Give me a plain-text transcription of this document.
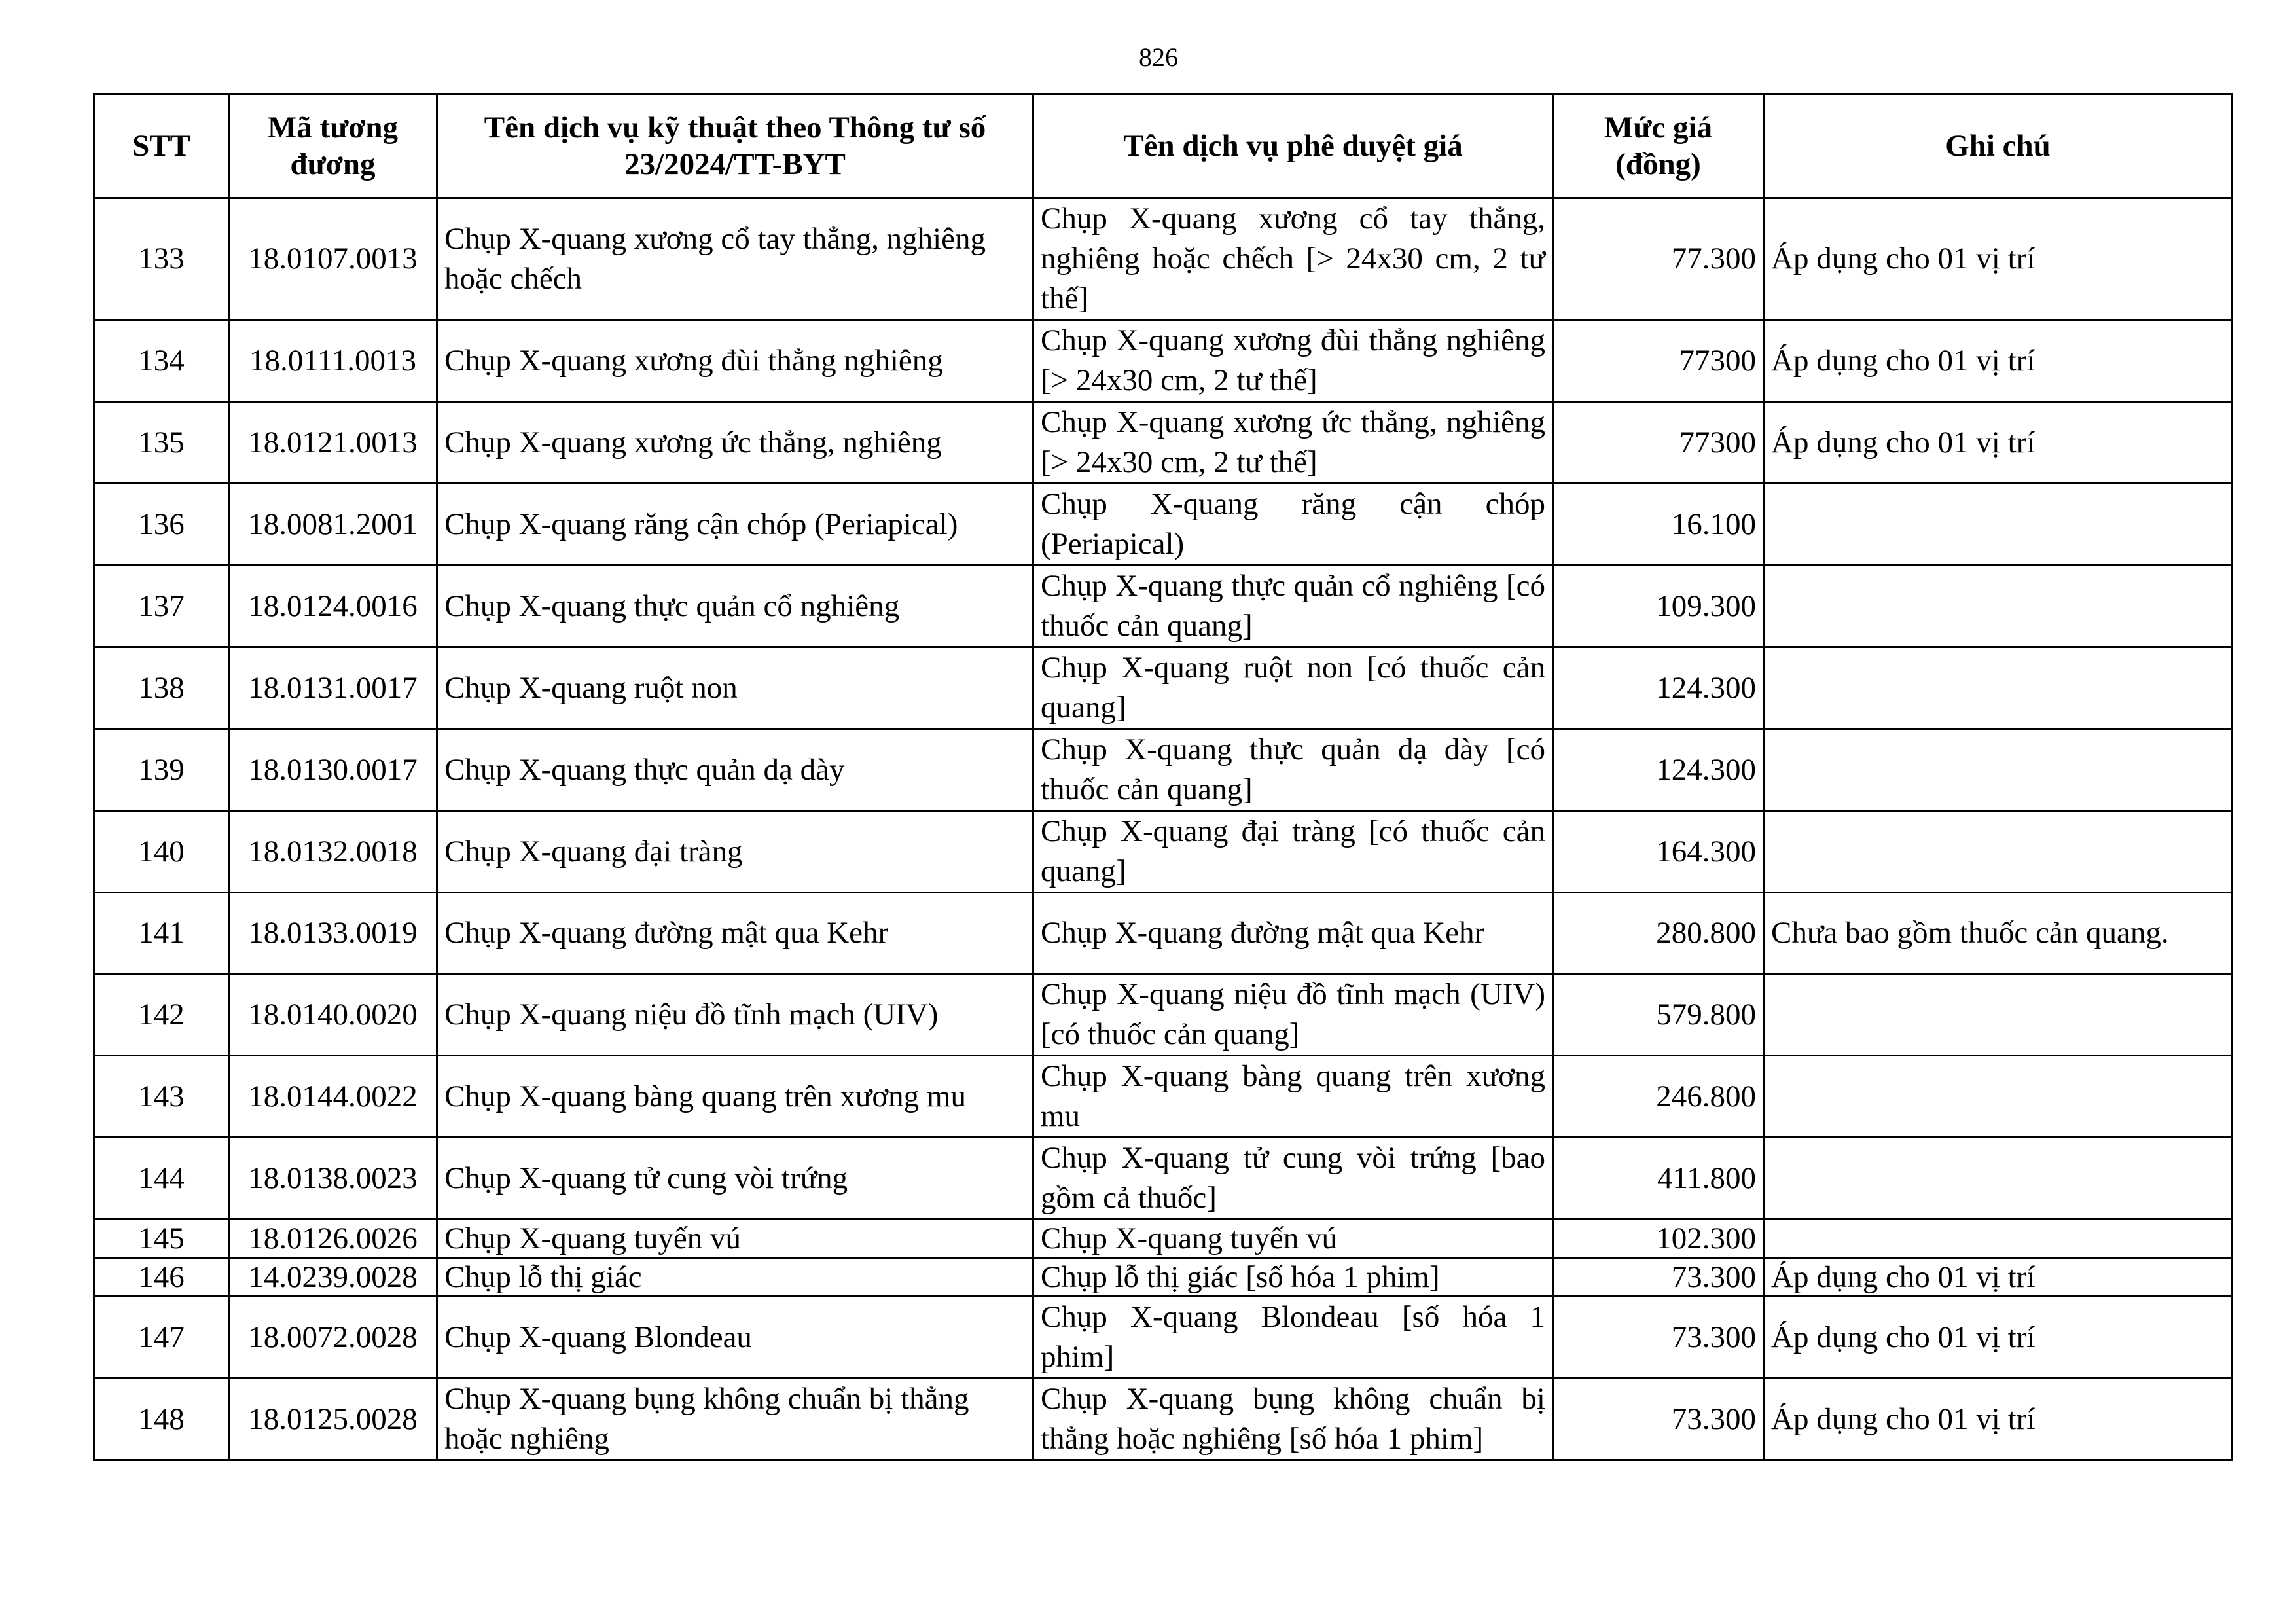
826
STT	Mã tương đương	Tên dịch vụ kỹ thuật theo Thông tư số 23/2024/TT-BYT	Tên dịch vụ phê duyệt giá	Mức giá (đồng)	Ghi chú
133	18.0107.0013	Chụp X-quang xương cổ tay thẳng, nghiêng hoặc chếch	Chụp X-quang xương cổ tay thẳng, nghiêng hoặc chếch [> 24x30 cm, 2 tư thế]	77.300	Áp dụng cho 01 vị trí
134	18.0111.0013	Chụp X-quang xương đùi thẳng nghiêng	Chụp X-quang xương đùi thẳng nghiêng [> 24x30 cm, 2 tư thế]	77300	Áp dụng cho 01 vị trí
135	18.0121.0013	Chụp X-quang xương ức thẳng, nghiêng	Chụp X-quang xương ức thẳng, nghiêng [> 24x30 cm, 2 tư thế]	77300	Áp dụng cho 01 vị trí
136	18.0081.2001	Chụp X-quang răng cận chóp (Periapical)	Chụp X-quang răng cận chóp (Periapical)	16.100	
137	18.0124.0016	Chụp X-quang thực quản cổ nghiêng	Chụp X-quang thực quản cổ nghiêng [có thuốc cản quang]	109.300	
138	18.0131.0017	Chụp X-quang ruột non	Chụp X-quang ruột non [có thuốc cản quang]	124.300	
139	18.0130.0017	Chụp X-quang thực quản dạ dày	Chụp X-quang thực quản dạ dày [có thuốc cản quang]	124.300	
140	18.0132.0018	Chụp X-quang đại tràng	Chụp X-quang đại tràng [có thuốc cản quang]	164.300	
141	18.0133.0019	Chụp X-quang đường mật qua Kehr	Chụp X-quang đường mật qua Kehr	280.800	Chưa bao gồm thuốc cản quang.
142	18.0140.0020	Chụp X-quang niệu đồ tĩnh mạch (UIV)	Chụp X-quang niệu đồ tĩnh mạch (UIV) [có thuốc cản quang]	579.800	
143	18.0144.0022	Chụp X-quang bàng quang trên xương mu	Chụp X-quang bàng quang trên xương mu	246.800	
144	18.0138.0023	Chụp X-quang tử cung vòi trứng	Chụp X-quang tử cung vòi trứng [bao gồm cả thuốc]	411.800	
145	18.0126.0026	Chụp X-quang tuyến vú	Chụp X-quang tuyến vú	102.300	
146	14.0239.0028	Chụp lỗ thị giác	Chụp lỗ thị giác [số hóa 1 phim]	73.300	Áp dụng cho 01 vị trí
147	18.0072.0028	Chụp X-quang Blondeau	Chụp X-quang Blondeau [số hóa 1 phim]	73.300	Áp dụng cho 01 vị trí
148	18.0125.0028	Chụp X-quang bụng không chuẩn bị thẳng hoặc nghiêng	Chụp X-quang bụng không chuẩn bị thẳng hoặc nghiêng [số hóa 1 phim]	73.300	Áp dụng cho 01 vị trí
